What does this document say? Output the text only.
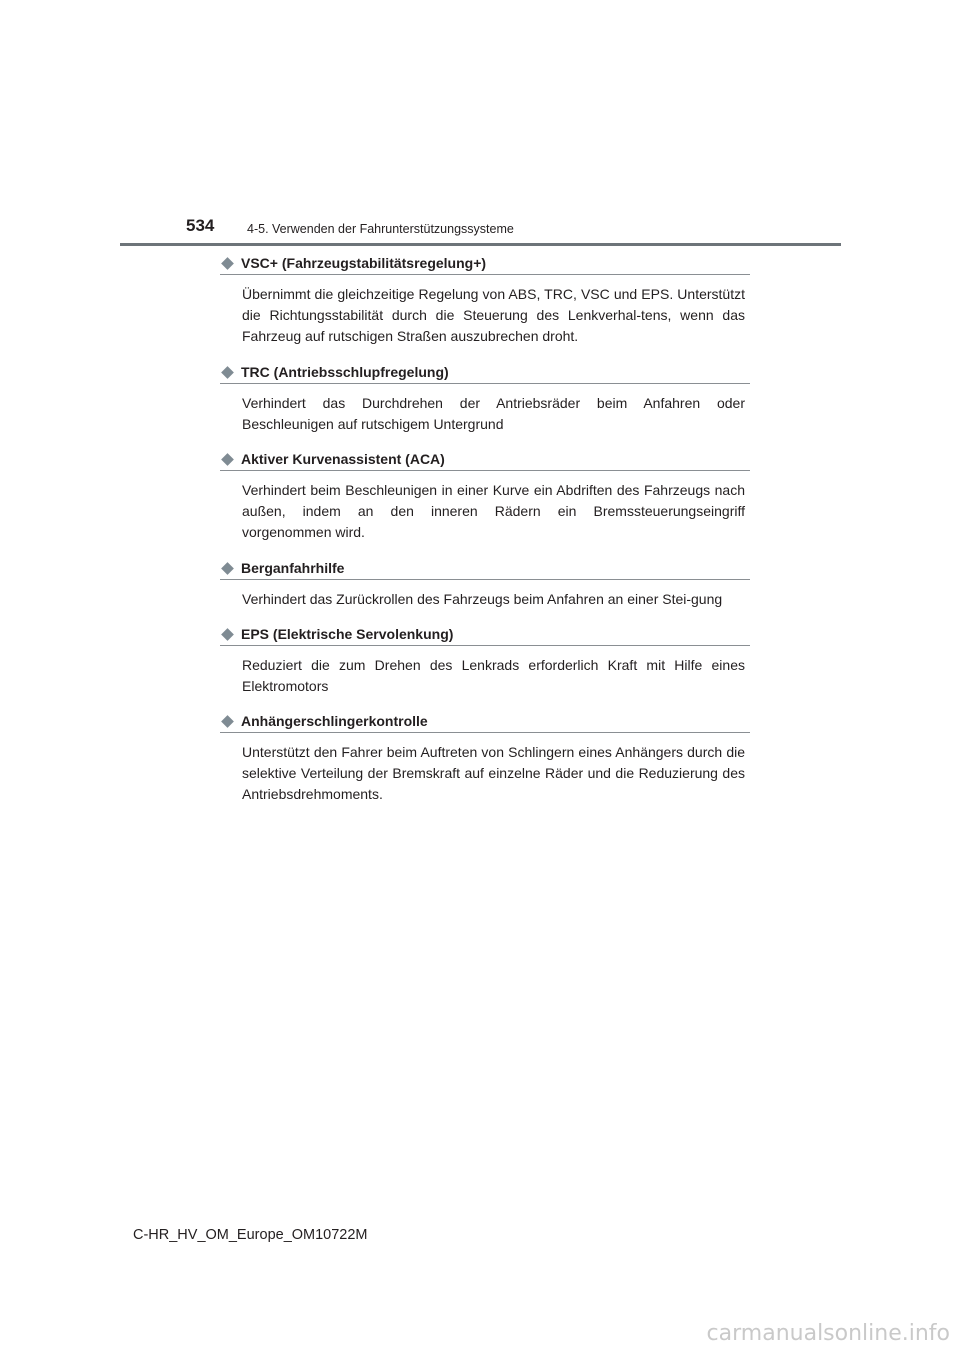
534	4-5. Verwenden der Fahrunterstützungssysteme
VSC+ (Fahrzeugstabilitätsregelung+)

Übernimmt die gleichzeitige Regelung von ABS, TRC, VSC und EPS. Unterstützt die Richtungsstabilität durch die Steuerung des Lenkverhal-tens, wenn das Fahrzeug auf rutschigen Straßen auszubrechen droht.

TRC (Antriebsschlupfregelung)

Verhindert das Durchdrehen der Antriebsräder beim Anfahren oder Beschleunigen auf rutschigem Untergrund

Aktiver Kurvenassistent (ACA)

Verhindert beim Beschleunigen in einer Kurve ein Abdriften des Fahrzeugs nach außen, indem an den inneren Rädern ein Bremssteuerungseingriff vorgenommen wird.

Berganfahrhilfe

Verhindert das Zurückrollen des Fahrzeugs beim Anfahren an einer Stei-gung

EPS (Elektrische Servolenkung)

Reduziert die zum Drehen des Lenkrads erforderlich Kraft mit Hilfe eines Elektromotors

Anhängerschlingerkontrolle

Unterstützt den Fahrer beim Auftreten von Schlingern eines Anhängers durch die selektive Verteilung der Bremskraft auf einzelne Räder und die Reduzierung des Antriebsdrehmoments.

C-HR_HV_OM_Europe_OM10722M
carmanualsonline.info
